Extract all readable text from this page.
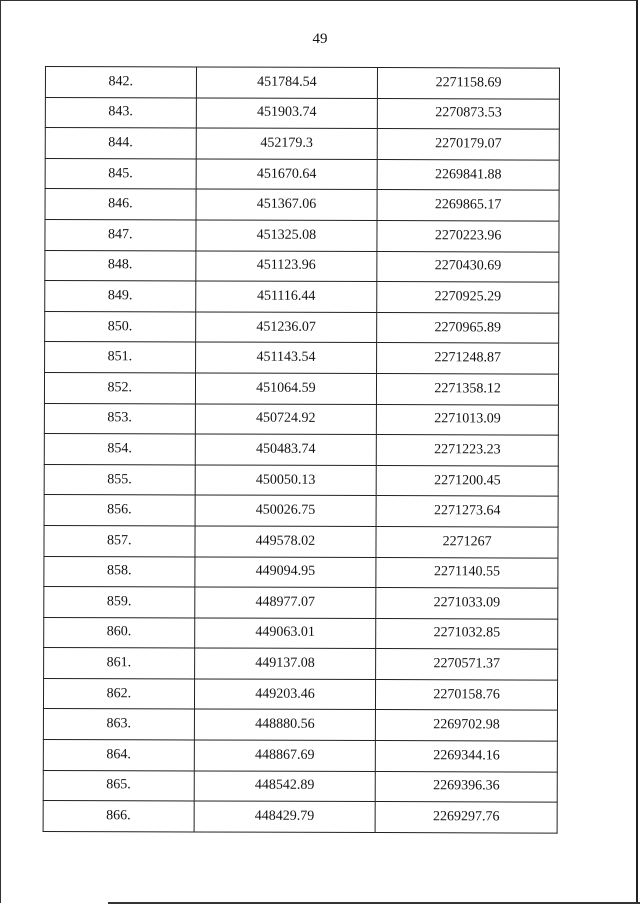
49
842.	451784.54	2271158.69
843.	451903.74	2270873.53
844.	452179.3	2270179.07
845.	451670.64	2269841.88
846.	451367.06	2269865.17
847.	451325.08	2270223.96
848.	451123.96	2270430.69
849.	451116.44	2270925.29
850.	451236.07	2270965.89
851.	451143.54	2271248.87
852.	451064.59	2271358.12
853.	450724.92	2271013.09
854.	450483.74	2271223.23
855.	450050.13	2271200.45
856.	450026.75	2271273.64
857.	449578.02	2271267
858.	449094.95	2271140.55
859.	448977.07	2271033.09
860.	449063.01	2271032.85
861.	449137.08	2270571.37
862.	449203.46	2270158.76
863.	448880.56	2269702.98
864.	448867.69	2269344.16
865.	448542.89	2269396.36
866.	448429.79	2269297.76
